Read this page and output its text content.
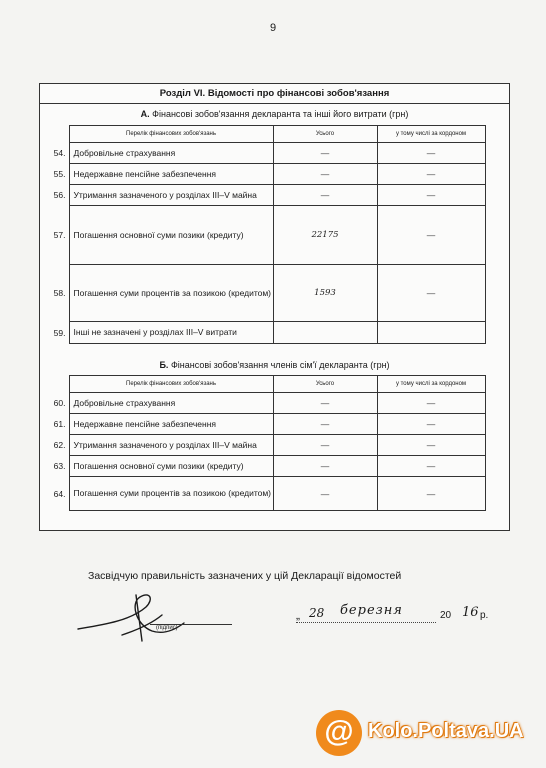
9
Розділ VI. Відомості про фінансові зобов'язання
А. Фінансові зобов'язання декларанта та інші його витрати (грн)
	Перелік фінансових зобов'язань	Усього	у тому числі за кордоном
54.	Добровільне страхування	—	—
55.	Недержавне пенсійне забезпечення	—	—
56.	Утримання зазначеного у розділах III–V майна	—	—
57.	Погашення основної суми позики (кредиту)	22175	—
58.	Погашення суми процентів за позикою (кредитом)	1593	—
59.	Інші не зазначені у розділах III–V витрати		
Б. Фінансові зобов'язання членів сім'ї декларанта (грн)
	Перелік фінансових зобов'язань	Усього	у тому числі за кордоном
60.	Добровільне страхування	—	—
61.	Недержавне пенсійне забезпечення	—	—
62.	Утримання зазначеного у розділах III–V майна	—	—
63.	Погашення основної суми позики (кредиту)	—	—
64.	Погашення суми процентів за позикою (кредитом)	—	—
Засвідчую правильність зазначених у цій Декларації відомостей
(підпис)
„ 28 березня	20 16 р.
@ Kolo.Poltava.UA
